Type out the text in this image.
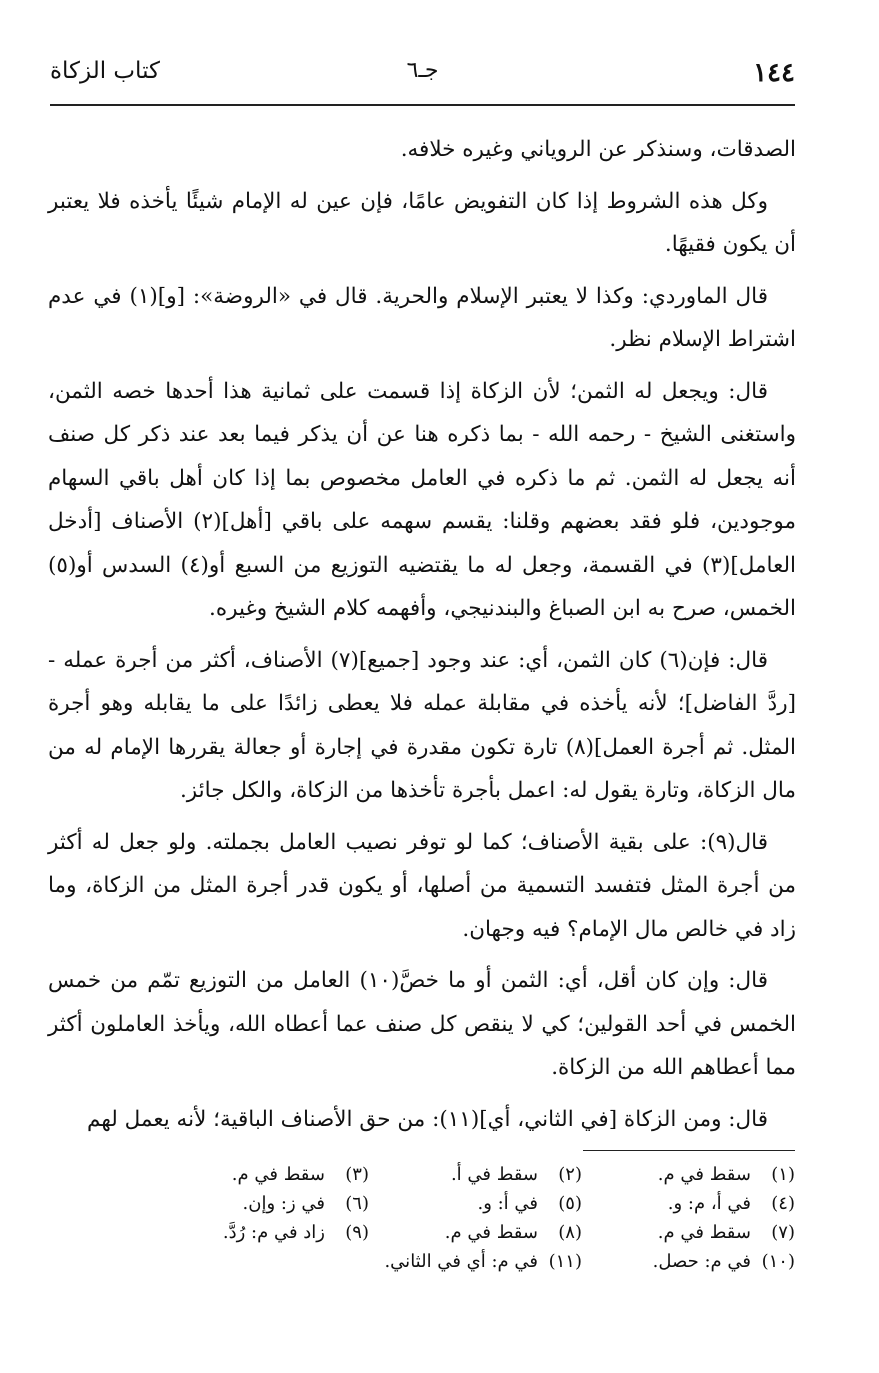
١٤٤
جـ٦
كتاب الزكاة

الصدقات، وسنذكر عن الروياني وغيره خلافه.

وكل هذه الشروط إذا كان التفويض عامًا، فإن عين له الإمام شيئًا يأخذه فلا يعتبر أن يكون فقيهًا.

قال الماوردي: وكذا لا يعتبر الإسلام والحرية. قال في «الروضة»: [و](١) في عدم اشتراط الإسلام نظر.

قال: ويجعل له الثمن؛ لأن الزكاة إذا قسمت على ثمانية هذا أحدها خصه الثمن، واستغنى الشيخ - رحمه الله - بما ذكره هنا عن أن يذكر فيما بعد عند ذكر كل صنف أنه يجعل له الثمن. ثم ما ذكره في العامل مخصوص بما إذا كان أهل باقي السهام موجودين، فلو فقد بعضهم وقلنا: يقسم سهمه على باقي [أهل](٢) الأصناف [أدخل العامل](٣) في القسمة، وجعل له ما يقتضيه التوزيع من السبع أو(٤) السدس أو(٥) الخمس، صرح به ابن الصباغ والبندنيجي، وأفهمه كلام الشيخ وغيره.

قال: فإن(٦) كان الثمن، أي: عند وجود [جميع](٧) الأصناف، أكثر من أجرة عمله - [ردَّ الفاضل]؛ لأنه يأخذه في مقابلة عمله فلا يعطى زائدًا على ما يقابله وهو أجرة المثل. ثم أجرة العمل](٨) تارة تكون مقدرة في إجارة أو جعالة يقررها الإمام له من مال الزكاة، وتارة يقول له: اعمل بأجرة تأخذها من الزكاة، والكل جائز.

قال(٩): على بقية الأصناف؛ كما لو توفر نصيب العامل بجملته. ولو جعل له أكثر من أجرة المثل فتفسد التسمية من أصلها، أو يكون قدر أجرة المثل من الزكاة، وما زاد في خالص مال الإمام؟ فيه وجهان.

قال: وإن كان أقل، أي: الثمن أو ما خصَّ(١٠) العامل من التوزيع تمّم من خمس الخمس في أحد القولين؛ كي لا ينقص كل صنف عما أعطاه الله، ويأخذ العاملون أكثر مما أعطاهم الله من الزكاة.

قال: ومن الزكاة [في الثاني، أي](١١): من حق الأصناف الباقية؛ لأنه يعمل لهم

(١)سقط في م.
(٢)سقط في أ.
(٣)سقط في م.
(٤)في أ، م: و.
(٥)في أ: و.
(٦)في ز: وإن.
(٧)سقط في م.
(٨)سقط في م.
(٩)زاد في م: رُدَّ.
(١٠)في م: حصل.
(١١)في م: أي في الثاني.
